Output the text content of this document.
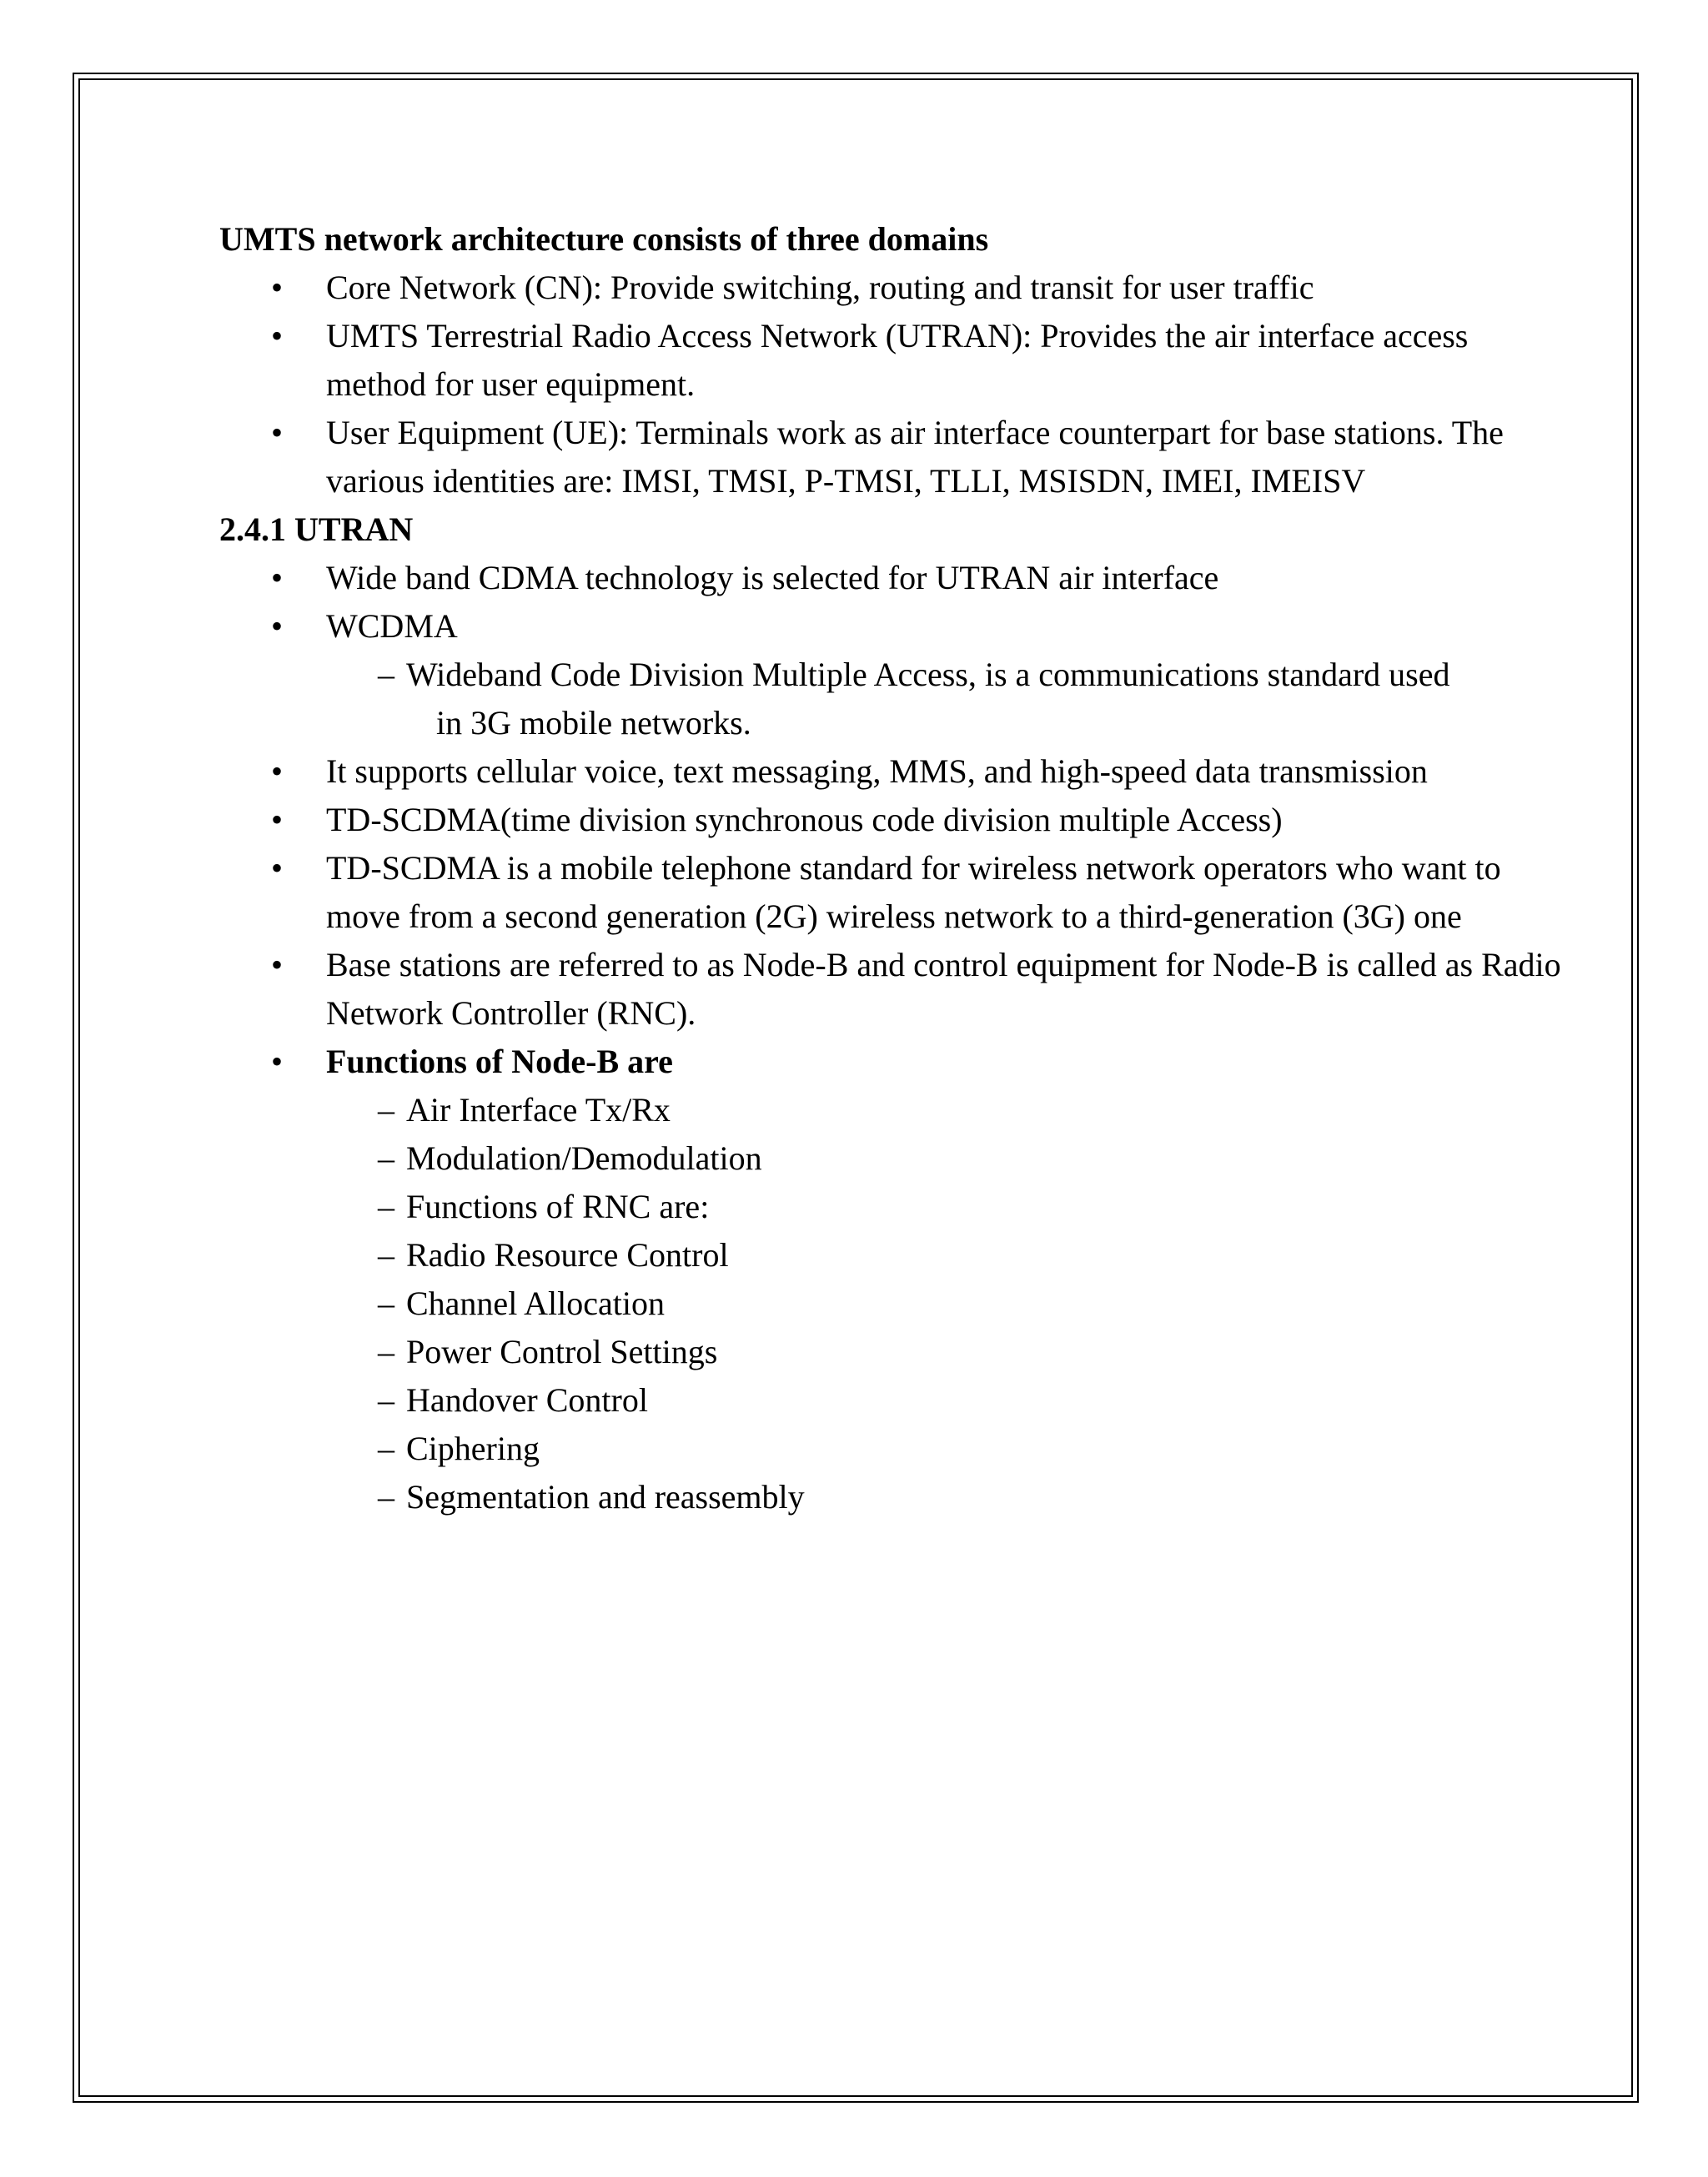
UMTS network architecture consists of three domains

•	Core Network (CN): Provide switching, routing and transit for user traffic

•	UMTS Terrestrial Radio Access Network (UTRAN): Provides the air interface access method for user equipment.

•	User Equipment (UE): Terminals work as air interface counterpart for base stations. The various identities are: IMSI, TMSI, P-TMSI, TLLI, MSISDN, IMEI, IMEISV

2.4.1 UTRAN

•	Wide band CDMA technology is selected for UTRAN air interface

•	WCDMA

– Wideband Code Division Multiple Access, is a communications standard used
in 3G mobile networks.

•	It supports cellular voice, text messaging, MMS, and high-speed data transmission

•	TD-SCDMA(time division synchronous code division multiple Access)

•	TD-SCDMA is a mobile telephone standard for wireless network operators who want to move from a second generation (2G) wireless network to a third-generation (3G) one

•	Base stations are referred to as Node-B and control equipment for Node-B is called as Radio Network Controller (RNC).

•	Functions of Node-B are

– Air Interface Tx/Rx

– Modulation/Demodulation

– Functions of RNC are:

– Radio Resource Control

– Channel Allocation

– Power Control Settings

– Handover Control

– Ciphering

– Segmentation and reassembly
